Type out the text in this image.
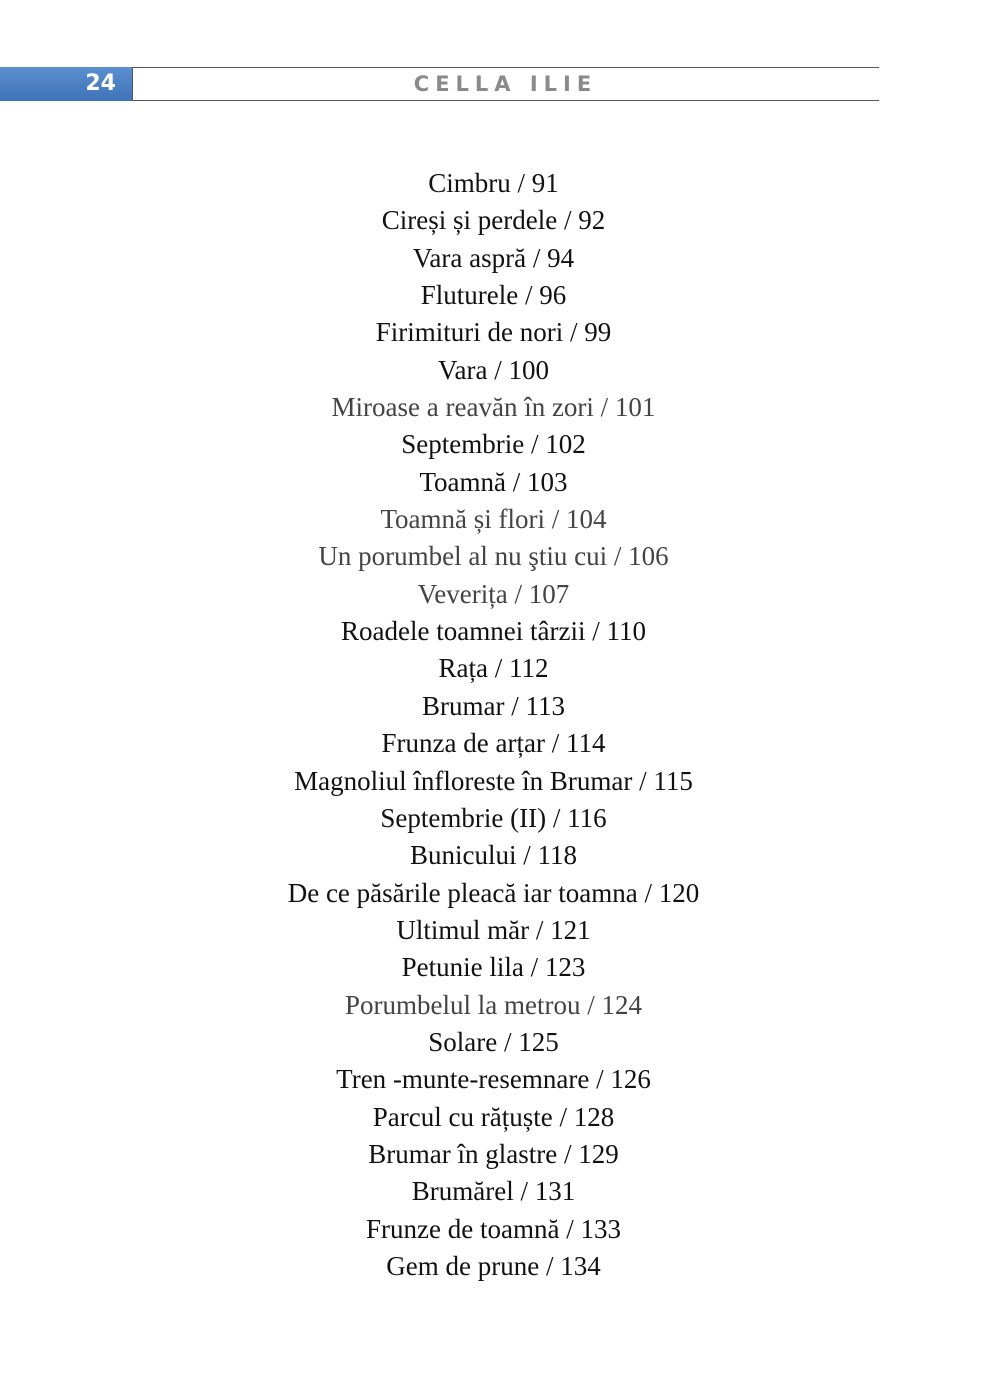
24	CELLA ILIE
Cimbru / 91
Cireși și perdele / 92
Vara aspră / 94
Fluturele / 96
Firimituri de nori / 99
Vara / 100
Miroase a reavăn în zori / 101
Septembrie / 102
Toamnă / 103
Toamnă și flori / 104
Un porumbel al nu ştiu cui / 106
Veverița / 107
Roadele toamnei târzii / 110
Rața / 112
Brumar / 113
Frunza de arțar / 114
Magnoliul înfloreste în Brumar / 115
Septembrie (II) / 116
Bunicului / 118
De ce păsările pleacă iar toamna / 120
Ultimul măr / 121
Petunie lila / 123
Porumbelul la metrou / 124
Solare / 125
Tren -munte-resemnare / 126
Parcul cu rățuște / 128
Brumar în glastre / 129
Brumărel / 131
Frunze de toamnă / 133
Gem de prune / 134
